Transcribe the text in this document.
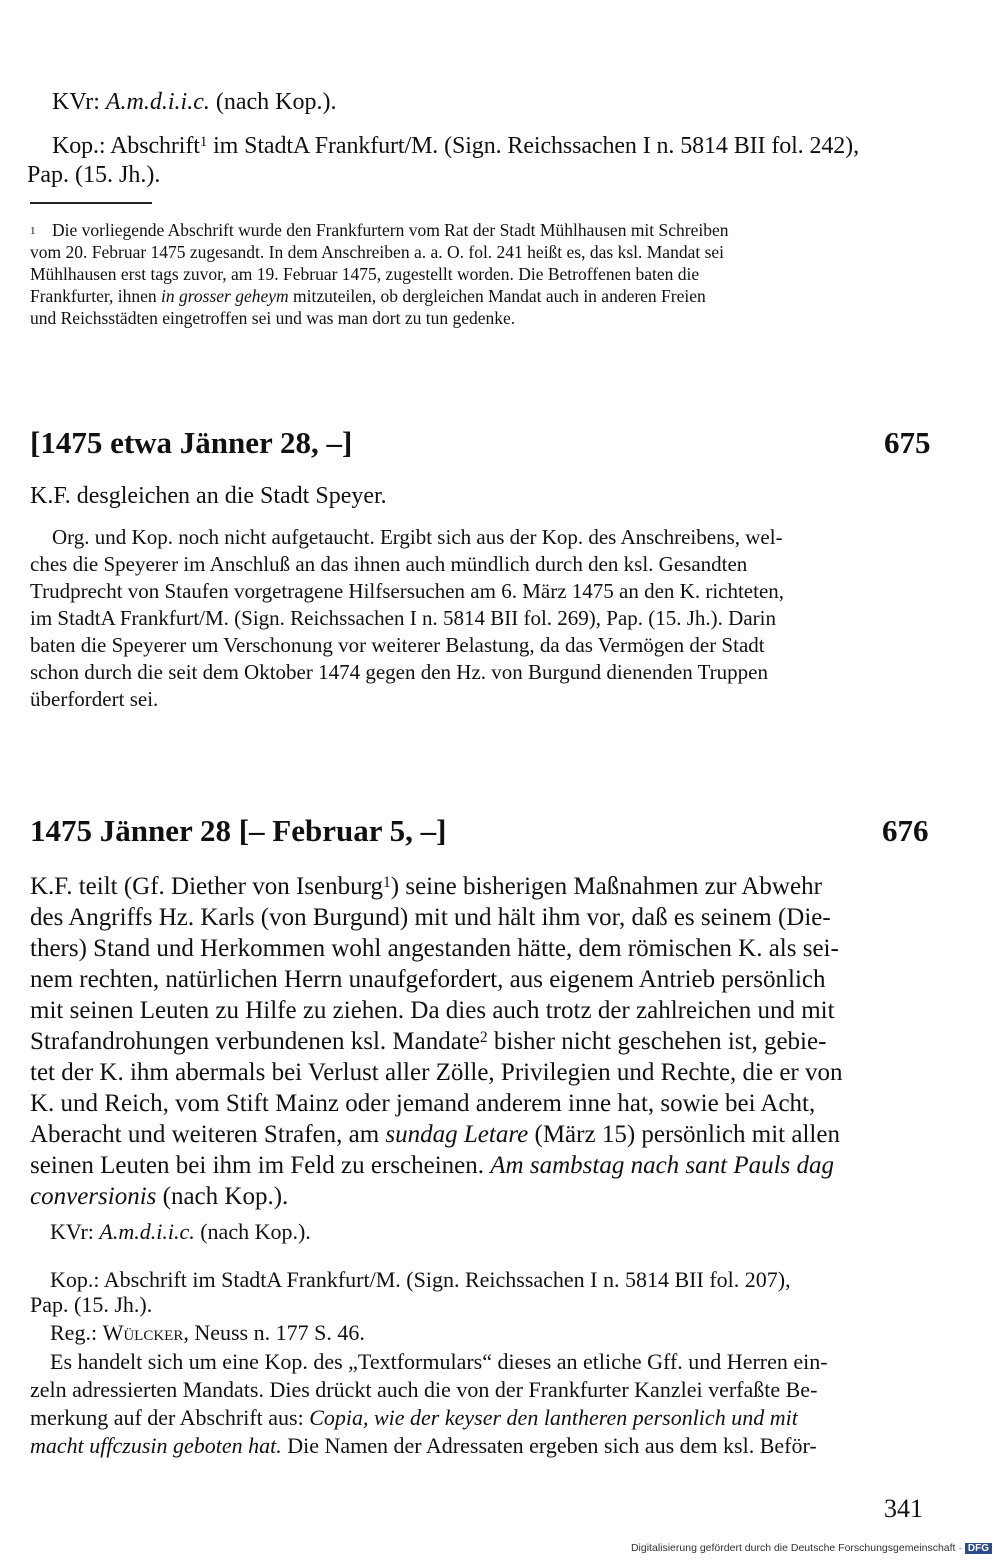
KVr: A.m.d.i.i.c. (nach Kop.).
Kop.: Abschrift$^1$ im StadtA Frankfurt/M. (Sign. Reichssachen I n. 5814 BII fol. 242),
Pap. (15. Jh.).
1 Die vorliegende Abschrift wurde den Frankfurtern vom Rat der Stadt Mühlhausen mit Schreiben
vom 20. Februar 1475 zugesandt. In dem Anschreiben a. a. O. fol. 241 heißt es, das ksl. Mandat sei
Mühlhausen erst tags zuvor, am 19. Februar 1475, zugestellt worden. Die Betroffenen baten die
Frankfurter, ihnen in grosser geheym mitzuteilen, ob dergleichen Mandat auch in anderen Freien
und Reichsstädten eingetroffen sei und was man dort zu tun gedenke.
[1475 etwa Jänner 28, –]	675
K.F. desgleichen an die Stadt Speyer.
Org. und Kop. noch nicht aufgetaucht. Ergibt sich aus der Kop. des Anschreibens, wel-
ches die Speyerer im Anschluß an das ihnen auch mündlich durch den ksl. Gesandten
Trudprecht von Staufen vorgetragene Hilfsersuchen am 6. März 1475 an den K. richteten,
im StadtA Frankfurt/M. (Sign. Reichssachen I n. 5814 BII fol. 269), Pap. (15. Jh.). Darin
baten die Speyerer um Verschonung vor weiterer Belastung, da das Vermögen der Stadt
schon durch die seit dem Oktober 1474 gegen den Hz. von Burgund dienenden Truppen
überfordert sei.
1475 Jänner 28 [– Februar 5, –]	676
K.F. teilt (Gf. Diether von Isenburg$^1$) seine bisherigen Maßnahmen zur Abwehr
des Angriffs Hz. Karls (von Burgund) mit und hält ihm vor, daß es seinem (Die-
thers) Stand und Herkommen wohl angestanden hätte, dem römischen K. als sei-
nem rechten, natürlichen Herrn unaufgefordert, aus eigenem Antrieb persönlich
mit seinen Leuten zu Hilfe zu ziehen. Da dies auch trotz der zahlreichen und mit
Strafandrohungen verbundenen ksl. Mandate$^2$ bisher nicht geschehen ist, gebie-
tet der K. ihm abermals bei Verlust aller Zölle, Privilegien und Rechte, die er von
K. und Reich, vom Stift Mainz oder jemand anderem inne hat, sowie bei Acht,
Aberacht und weiteren Strafen, am sundag Letare (März 15) persönlich mit allen
seinen Leuten bei ihm im Feld zu erscheinen. Am sambstag nach sant Pauls dag
conversionis (nach Kop.).
KVr: A.m.d.i.i.c. (nach Kop.).
Kop.: Abschrift im StadtA Frankfurt/M. (Sign. Reichssachen I n. 5814 BII fol. 207),
Pap. (15. Jh.).
Reg.: Wülcker, Neuss n. 177 S. 46.
Es handelt sich um eine Kop. des „Textformulars“ dieses an etliche Gff. und Herren ein-
zeln adressierten Mandats. Dies drückt auch die von der Frankfurter Kanzlei verfaßte Be-
merkung auf der Abschrift aus: Copia, wie der keyser den lantheren personlich und mit
macht uffczusin geboten hat. Die Namen der Adressaten ergeben sich aus dem ksl. Beför-
341
Digitalisierung gefördert durch die Deutsche Forschungsgemeinschaft · DFG
